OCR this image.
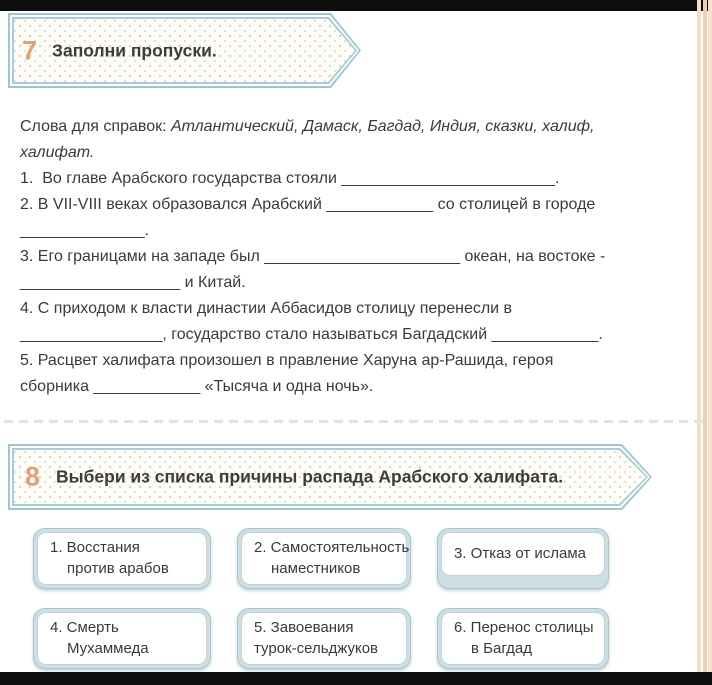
7 Заполни пропуски.
Слова для справок: Атлантический, Дамаск, Багдад, Индия, сказки, халиф,
халифат.
1.  Во главе Арабского государства стояли ________________________.
2. В VII-VIII веках образовался Арабский ____________ со столицей в городе
______________.
3. Его границами на западе был ______________________ океан, на востоке -
__________________ и Китай.
4. С приходом к власти династии Аббасидов столицу перенесли в
________________, государство стало называться Багдадский ____________.
5. Расцвет халифата произошел в правление Харуна ар-Рашида, героя
сборника ____________ «Тысяча и одна ночь».
8 Выбери из списка причины распада Арабского халифата.
1. Восстания
против арабов
2. Самостоятельность
наместников
3. Отказ от ислама
4. Смерть
Мухаммеда
5. Завоевания
турок-сельджуков
6. Перенос столицы
в Багдад
